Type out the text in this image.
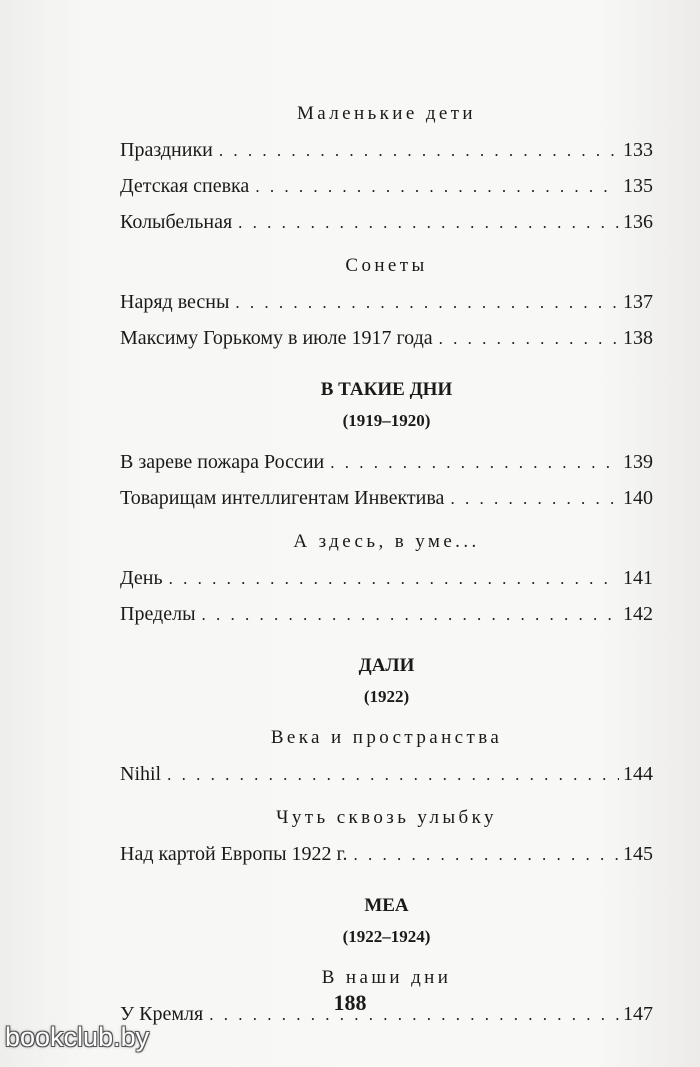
Маленькие дети
Праздники . . .	133
Детская спевка . . .	135
Колыбельная . . .	136
Сонеты
Наряд весны . . .	137
Максиму Горькому в июле 1917 года . . .	138
В ТАКИЕ ДНИ
(1919–1920)
В зареве пожара России . . .	139
Товарищам интеллигентам Инвектива . . .	140
А здесь, в уме...
День . . .	141
Пределы . . .	142
ДАЛИ
(1922)
Века и пространства
Nihil . . .	144
Чуть сквозь улыбку
Над картой Европы 1922 г. . . .	145
МЕА
(1922–1924)
В наши дни
У Кремля . . .	147
188
bookclub.by
